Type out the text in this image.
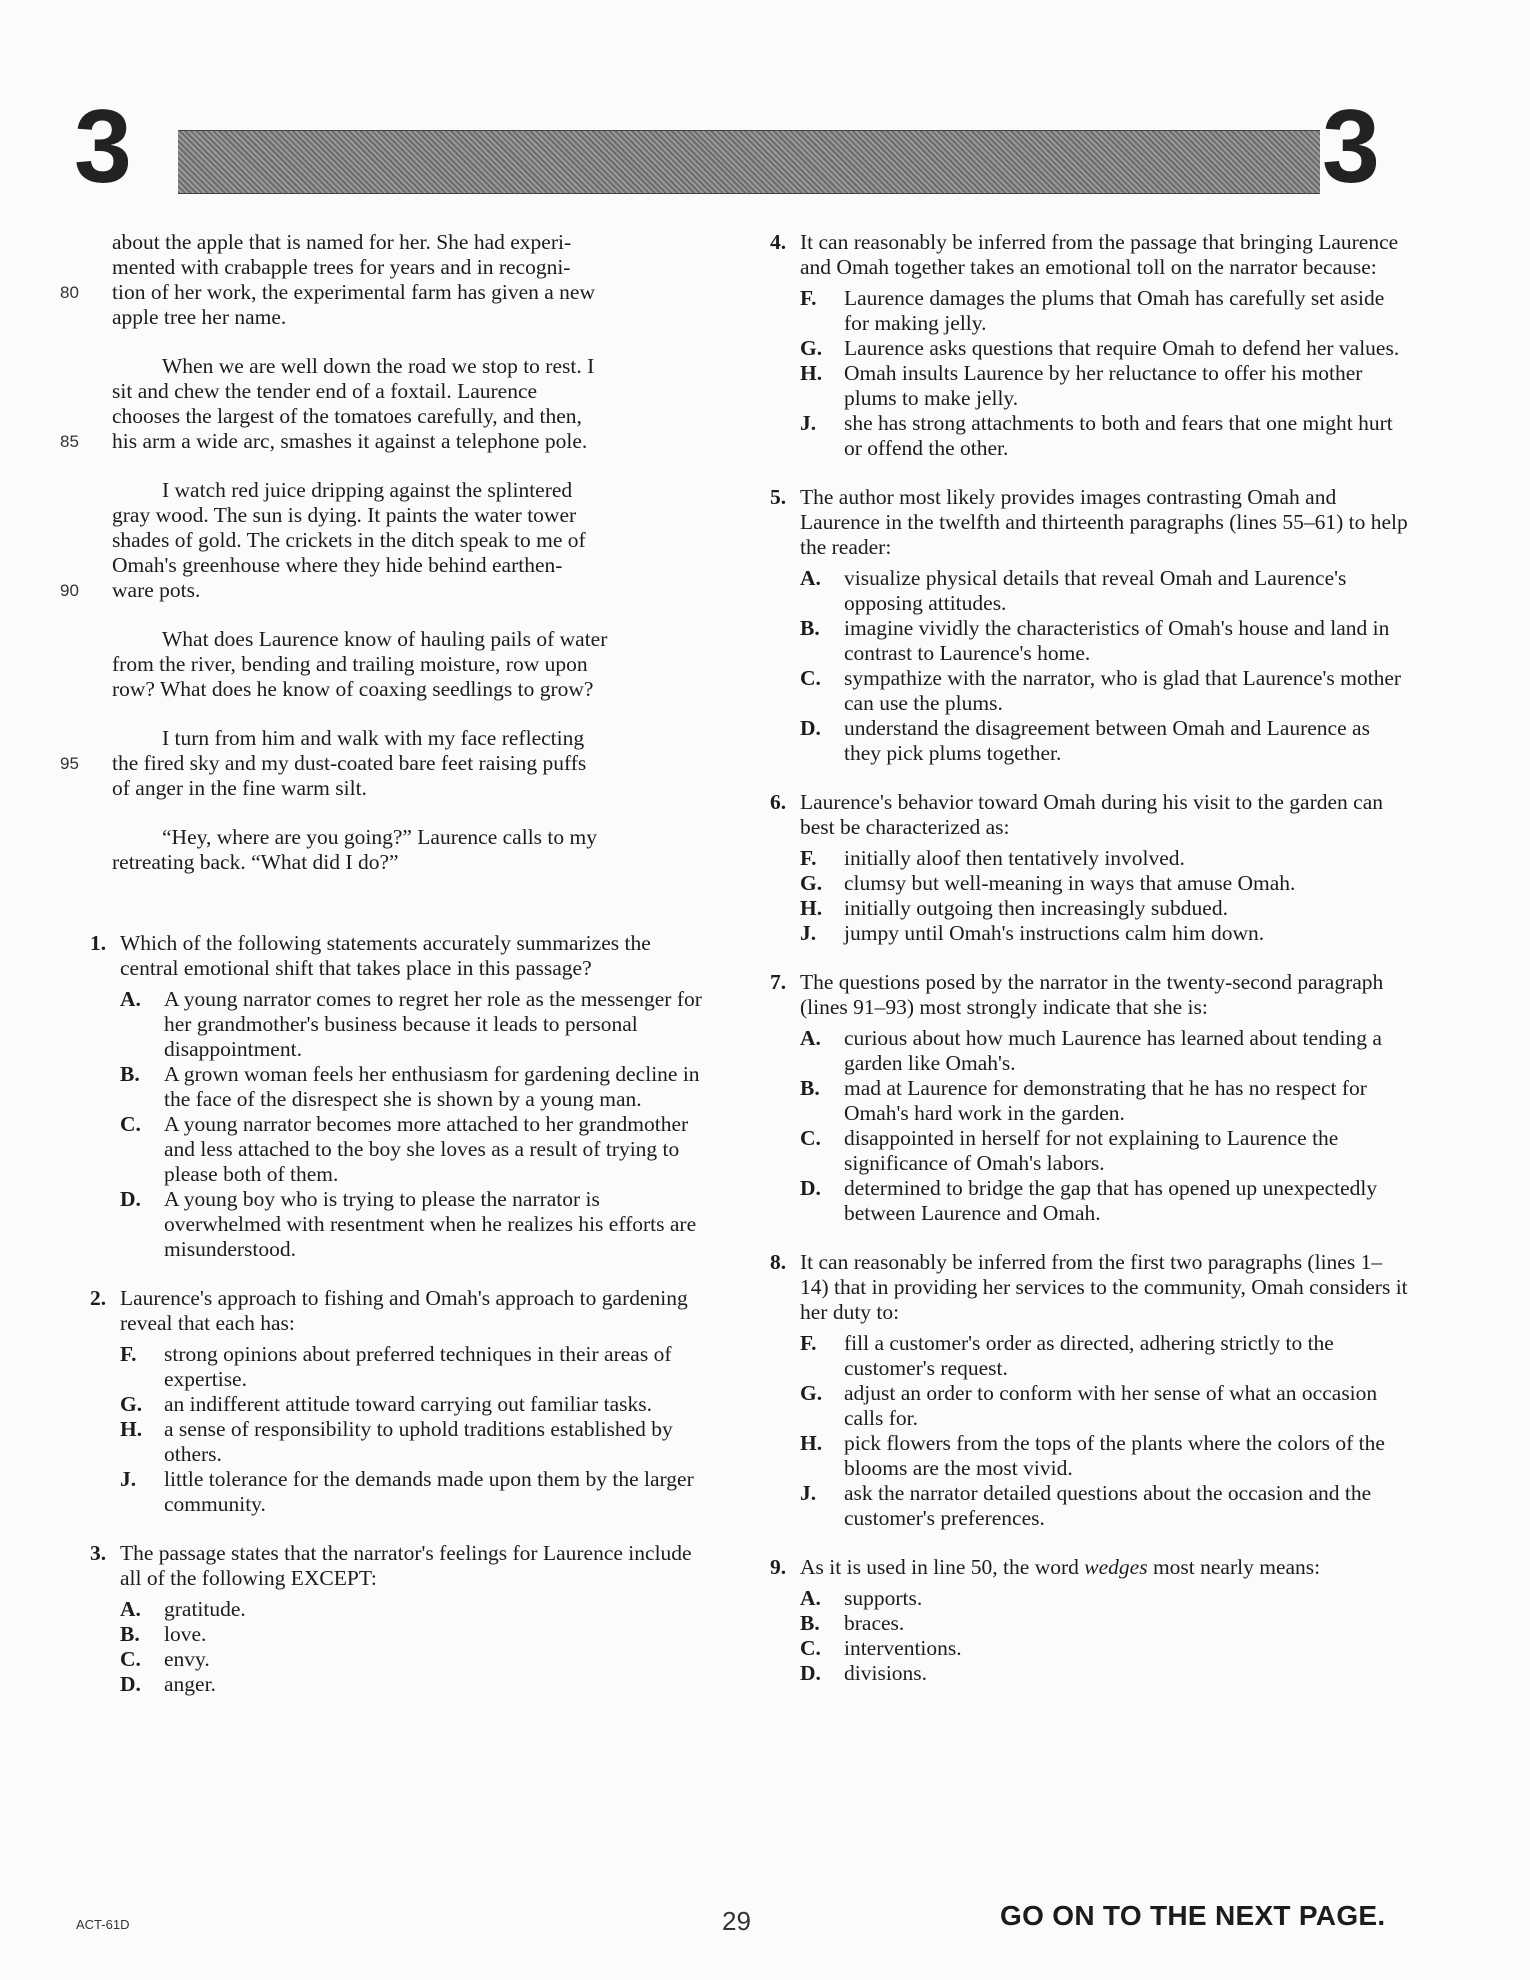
3	3
about the apple that is named for her. She had experi-
mented with crabapple trees for years and in recogni-
80 tion of her work, the experimental farm has given a new
apple tree her name.
When we are well down the road we stop to rest. I
sit and chew the tender end of a foxtail. Laurence
chooses the largest of the tomatoes carefully, and then,
85 his arm a wide arc, smashes it against a telephone pole.
I watch red juice dripping against the splintered
gray wood. The sun is dying. It paints the water tower
shades of gold. The crickets in the ditch speak to me of
Omah's greenhouse where they hide behind earthen-
90 ware pots.
What does Laurence know of hauling pails of water
from the river, bending and trailing moisture, row upon
row? What does he know of coaxing seedlings to grow?
I turn from him and walk with my face reflecting
95 the fired sky and my dust-coated bare feet raising puffs
of anger in the fine warm silt.
“Hey, where are you going?” Laurence calls to my
retreating back. “What did I do?”
1. Which of the following statements accurately summarizes the central emotional shift that takes place in this passage?
A.	A young narrator comes to regret her role as the messenger for her grandmother's business because it leads to personal disappointment.
B.	A grown woman feels her enthusiasm for gardening decline in the face of the disrespect she is shown by a young man.
C.	A young narrator becomes more attached to her grandmother and less attached to the boy she loves as a result of trying to please both of them.
D.	A young boy who is trying to please the narrator is overwhelmed with resentment when he realizes his efforts are misunderstood.
2. Laurence's approach to fishing and Omah's approach to gardening reveal that each has:
F.	strong opinions about preferred techniques in their areas of expertise.
G.	an indifferent attitude toward carrying out familiar tasks.
H.	a sense of responsibility to uphold traditions established by others.
J.	little tolerance for the demands made upon them by the larger community.
3. The passage states that the narrator's feelings for Laurence include all of the following EXCEPT:
A.	gratitude.
B.	love.
C.	envy.
D.	anger.
4. It can reasonably be inferred from the passage that bringing Laurence and Omah together takes an emotional toll on the narrator because:
F.	Laurence damages the plums that Omah has carefully set aside for making jelly.
G.	Laurence asks questions that require Omah to defend her values.
H.	Omah insults Laurence by her reluctance to offer his mother plums to make jelly.
J.	she has strong attachments to both and fears that one might hurt or offend the other.
5. The author most likely provides images contrasting Omah and Laurence in the twelfth and thirteenth paragraphs (lines 55–61) to help the reader:
A.	visualize physical details that reveal Omah and Laurence's opposing attitudes.
B.	imagine vividly the characteristics of Omah's house and land in contrast to Laurence's home.
C.	sympathize with the narrator, who is glad that Laurence's mother can use the plums.
D.	understand the disagreement between Omah and Laurence as they pick plums together.
6. Laurence's behavior toward Omah during his visit to the garden can best be characterized as:
F.	initially aloof then tentatively involved.
G.	clumsy but well-meaning in ways that amuse Omah.
H.	initially outgoing then increasingly subdued.
J.	jumpy until Omah's instructions calm him down.
7. The questions posed by the narrator in the twenty-second paragraph (lines 91–93) most strongly indicate that she is:
A.	curious about how much Laurence has learned about tending a garden like Omah's.
B.	mad at Laurence for demonstrating that he has no respect for Omah's hard work in the garden.
C.	disappointed in herself for not explaining to Laurence the significance of Omah's labors.
D.	determined to bridge the gap that has opened up unexpectedly between Laurence and Omah.
8. It can reasonably be inferred from the first two paragraphs (lines 1–14) that in providing her services to the community, Omah considers it her duty to:
F.	fill a customer's order as directed, adhering strictly to the customer's request.
G.	adjust an order to conform with her sense of what an occasion calls for.
H.	pick flowers from the tops of the plants where the colors of the blooms are the most vivid.
J.	ask the narrator detailed questions about the occasion and the customer's preferences.
9. As it is used in line 50, the word wedges most nearly means:
A.	supports.
B.	braces.
C.	interventions.
D.	divisions.
ACT-61D	29	GO ON TO THE NEXT PAGE.
